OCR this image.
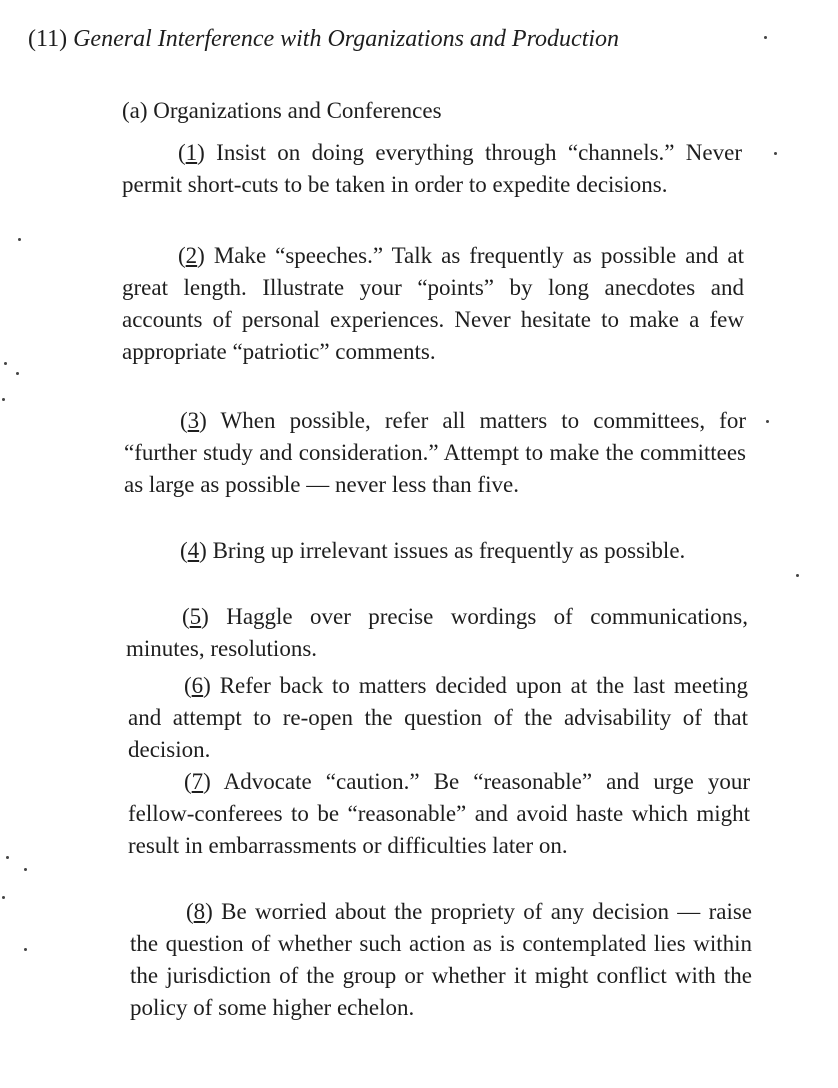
(11) General Interference with Organizations and Production
(a) Organizations and Conferences

(1) Insist on doing everything through “channels.” Never permit short-cuts to be taken in order to expedite decisions.

(2) Make “speeches.” Talk as frequently as possible and at great length. Illustrate your “points” by long anecdotes and accounts of personal experiences. Never hesitate to make a few appropriate “patriotic” comments.

(3) When possible, refer all matters to committees, for “further study and consideration.” Attempt to make the committees as large as possible — never less than five.

(4) Bring up irrelevant issues as frequently as possible.

(5) Haggle over precise wordings of communications, minutes, resolutions.

(6) Refer back to matters decided upon at the last meeting and attempt to re-open the question of the advisability of that decision.

(7) Advocate “caution.” Be “reasonable” and urge your fellow-conferees to be “reasonable” and avoid haste which might result in embarrassments or difficulties later on.

(8) Be worried about the propriety of any decision — raise the question of whether such action as is contemplated lies within the jurisdiction of the group or whether it might conflict with the policy of some higher echelon.
